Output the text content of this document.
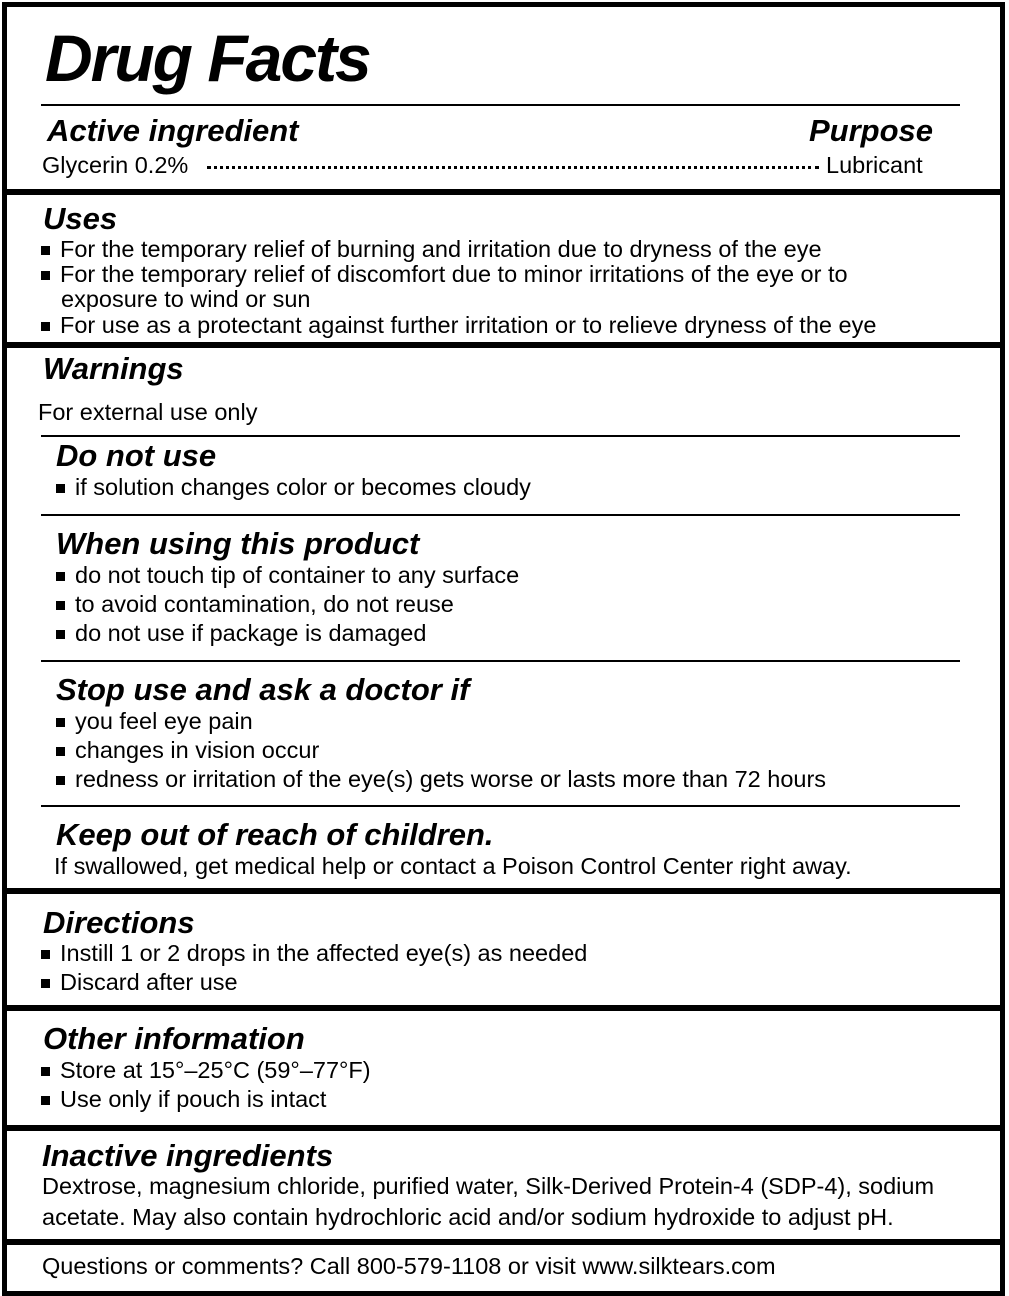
Drug Facts
Active ingredient	Purpose
Glycerin 0.2%	Lubricant
Uses
For the temporary relief of burning and irritation due to dryness of the eye
For the temporary relief of discomfort due to minor irritations of the eye or to
exposure to wind or sun
For use as a protectant against further irritation or to relieve dryness of the eye
Warnings
For external use only
Do not use
if solution changes color or becomes cloudy
When using this product
do not touch tip of container to any surface
to avoid contamination, do not reuse
do not use if package is damaged
Stop use and ask a doctor if
you feel eye pain
changes in vision occur
redness or irritation of the eye(s) gets worse or lasts more than 72 hours
Keep out of reach of children.
If swallowed, get medical help or contact a Poison Control Center right away.
Directions
Instill 1 or 2 drops in the affected eye(s) as needed
Discard after use
Other information
Store at 15°–25°C (59°–77°F)
Use only if pouch is intact
Inactive ingredients
Dextrose, magnesium chloride, purified water, Silk-Derived Protein-4 (SDP-4), sodium
acetate. May also contain hydrochloric acid and/or sodium hydroxide to adjust pH.
Questions or comments? Call 800-579-1108 or visit www.silktears.com
